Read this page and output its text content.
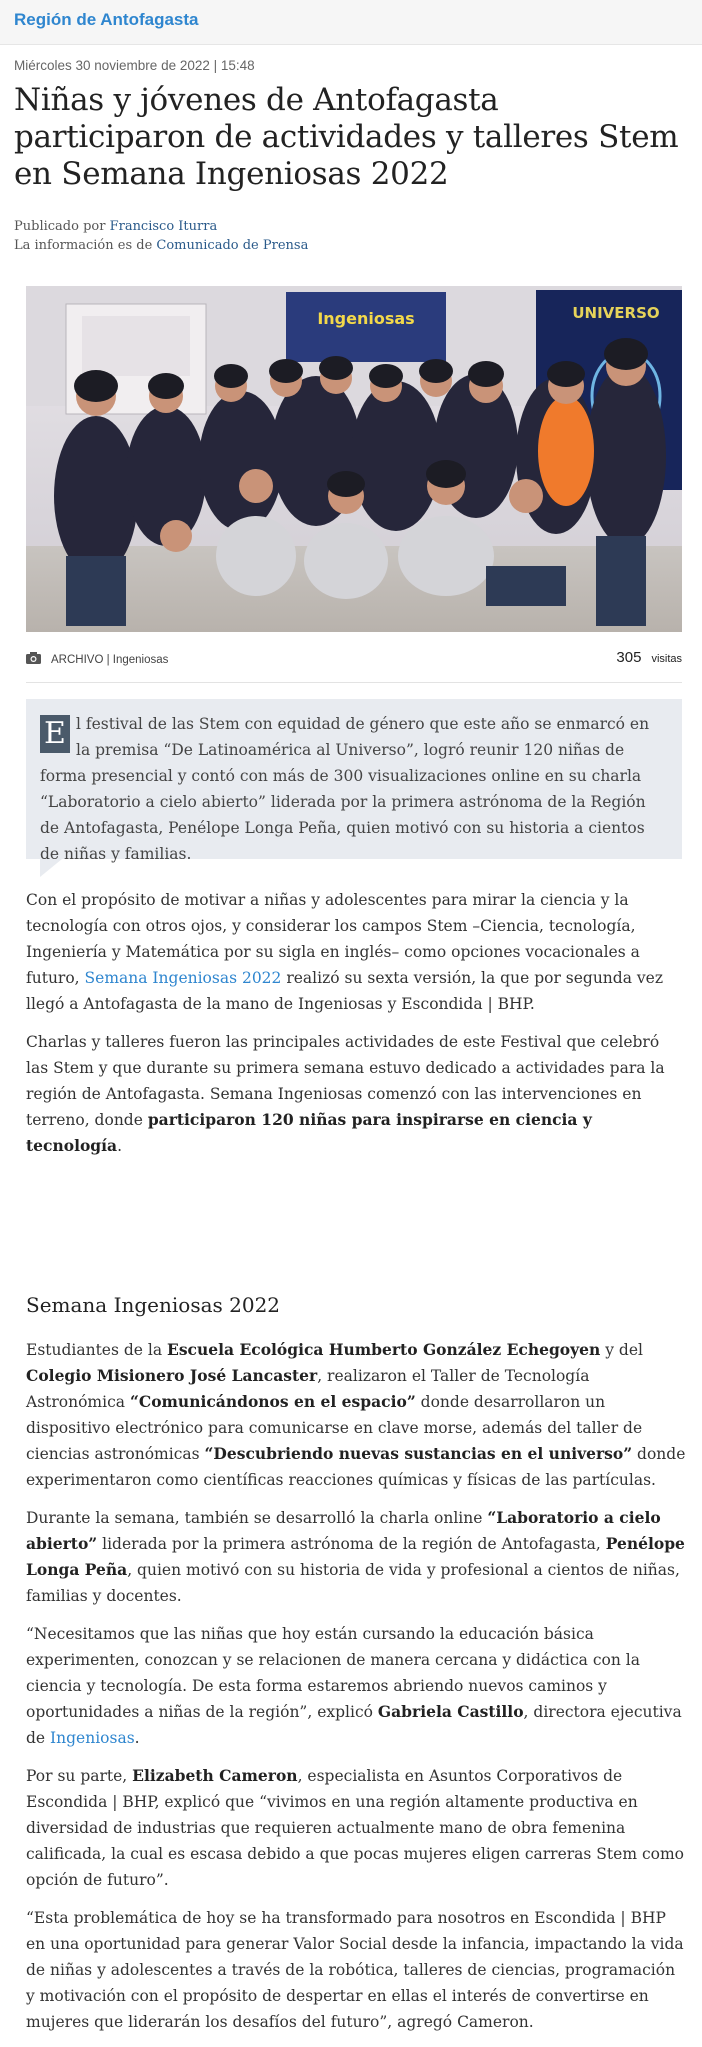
Región de Antofagasta
Miércoles 30 noviembre de 2022 | 15:48
Niñas y jóvenes de Antofagasta participaron de actividades y talleres Stem en Semana Ingeniosas 2022
Publicado por Francisco Iturra
La información es de Comunicado de Prensa
Ingeniosas	UNIVERSO
ARCHIVO | Ingeniosas	305 visitas
E l festival de las Stem con equidad de género que este año se enmarcó en la premisa “De Latinoamérica al Universo”, logró reunir 120 niñas de forma presencial y contó con más de 300 visualizaciones online en su charla “Laboratorio a cielo abierto” liderada por la primera astrónoma de la Región de Antofagasta, Penélope Longa Peña, quien motivó con su historia a cientos de niñas y familias.

Con el propósito de motivar a niñas y adolescentes para mirar la ciencia y la tecnología con otros ojos, y considerar los campos Stem –Ciencia, tecnología, Ingeniería y Matemática por su sigla en inglés– como opciones vocacionales a futuro, Semana Ingeniosas 2022 realizó su sexta versión, la que por segunda vez llegó a Antofagasta de la mano de Ingeniosas y Escondida | BHP.

Charlas y talleres fueron las principales actividades de este Festival que celebró las Stem y que durante su primera semana estuvo dedicado a actividades para la región de Antofagasta. Semana Ingeniosas comenzó con las intervenciones en terreno, donde participaron 120 niñas para inspirarse en ciencia y tecnología.

Semana Ingeniosas 2022

Estudiantes de la Escuela Ecológica Humberto González Echegoyen y del Colegio Misionero José Lancaster, realizaron el Taller de Tecnología Astronómica “Comunicándonos en el espacio” donde desarrollaron un dispositivo electrónico para comunicarse en clave morse, además del taller de ciencias astronómicas “Descubriendo nuevas sustancias en el universo” donde experimentaron como científicas reacciones químicas y físicas de las partículas.

Durante la semana, también se desarrolló la charla online “Laboratorio a cielo abierto” liderada por la primera astrónoma de la región de Antofagasta, Penélope Longa Peña, quien motivó con su historia de vida y profesional a cientos de niñas, familias y docentes.

“Necesitamos que las niñas que hoy están cursando la educación básica experimenten, conozcan y se relacionen de manera cercana y didáctica con la ciencia y tecnología. De esta forma estaremos abriendo nuevos caminos y oportunidades a niñas de la región”, explicó Gabriela Castillo, directora ejecutiva de Ingeniosas.

Por su parte, Elizabeth Cameron, especialista en Asuntos Corporativos de Escondida | BHP, explicó que “vivimos en una región altamente productiva en diversidad de industrias que requieren actualmente mano de obra femenina calificada, la cual es escasa debido a que pocas mujeres eligen carreras Stem como opción de futuro”.

“Esta problemática de hoy se ha transformado para nosotros en Escondida | BHP en una oportunidad para generar Valor Social desde la infancia, impactando la vida de niñas y adolescentes a través de la robótica, talleres de ciencias, programación y motivación con el propósito de despertar en ellas el interés de convertirse en mujeres que liderarán los desafíos del futuro”, agregó Cameron.
